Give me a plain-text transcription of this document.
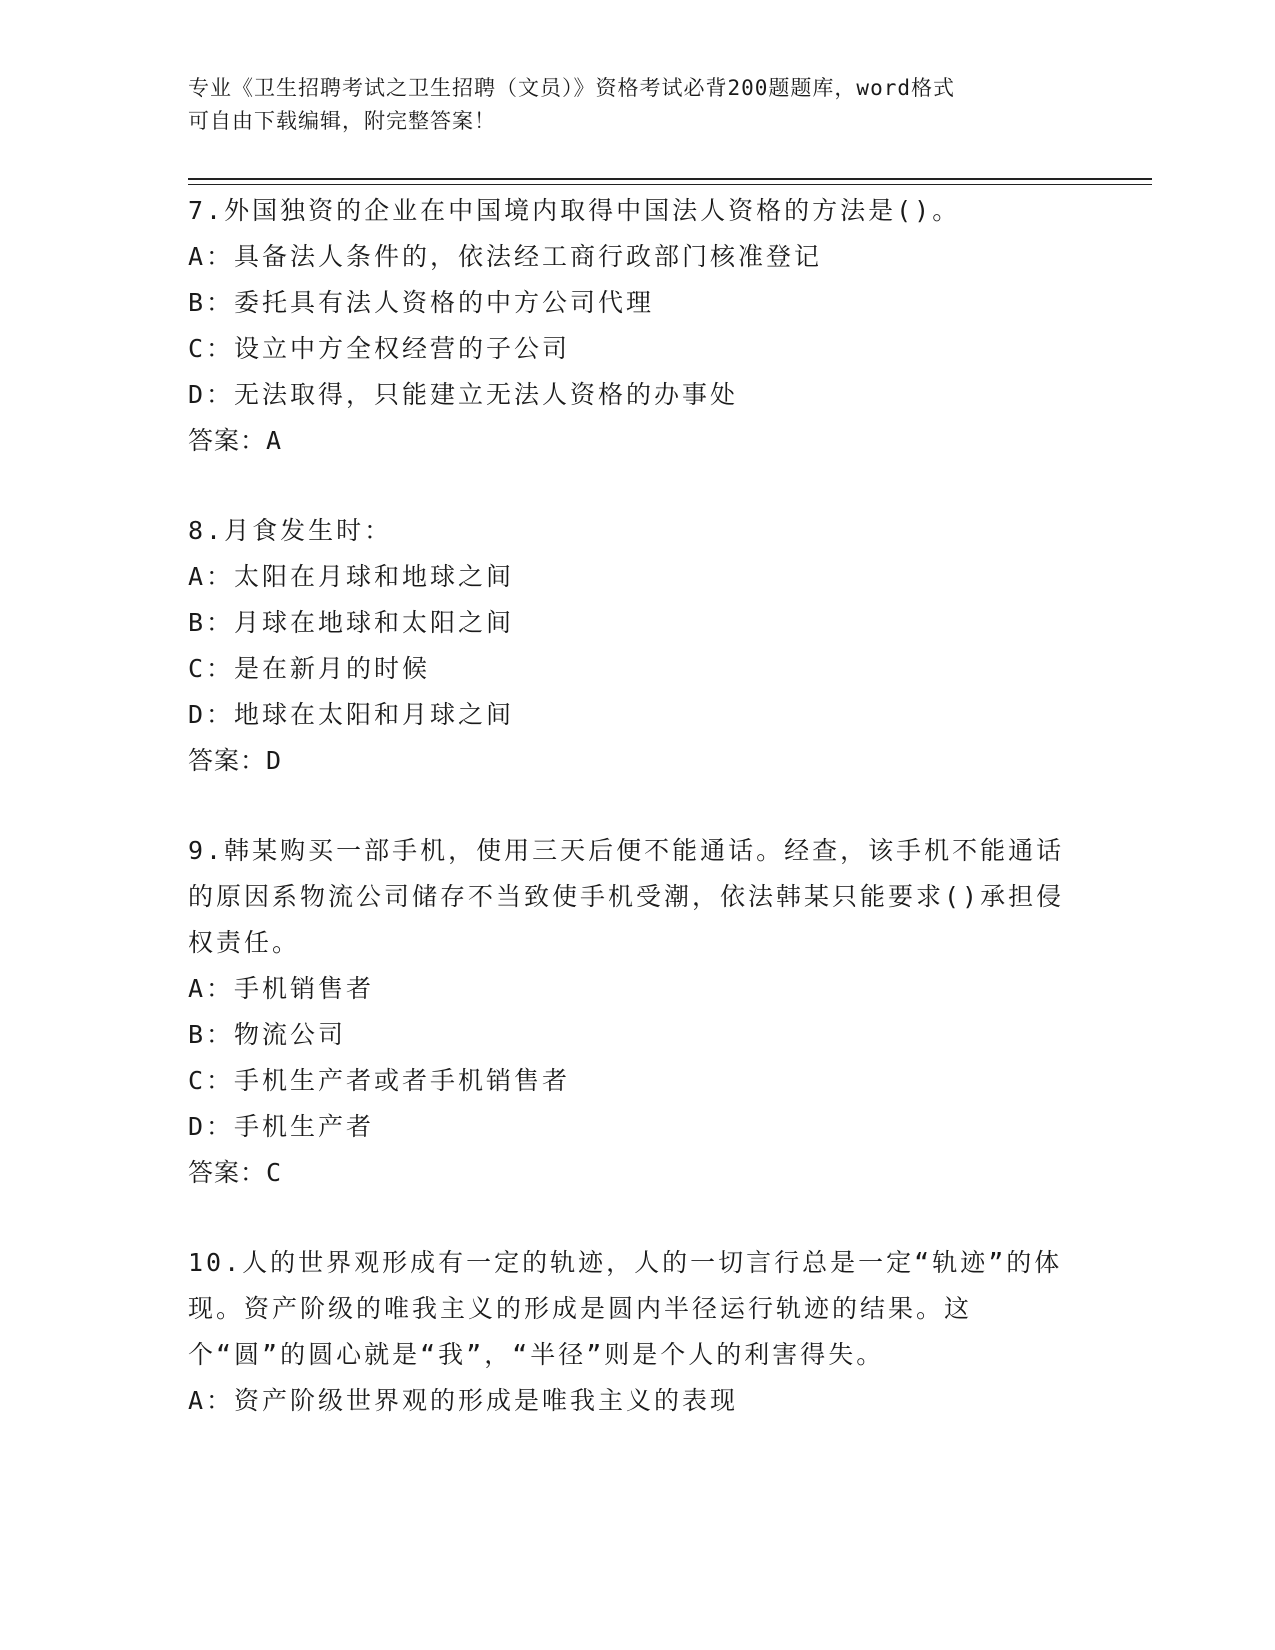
专业《卫生招聘考试之卫生招聘（文员）》资格考试必背200题题库，word格式
可自由下载编辑，附完整答案！
7.外国独资的企业在中国境内取得中国法人资格的方法是()。
A：具备法人条件的，依法经工商行政部门核准登记
B：委托具有法人资格的中方公司代理
C：设立中方全权经营的子公司
D：无法取得，只能建立无法人资格的办事处
答案：A
8.月食发生时：
A：太阳在月球和地球之间
B：月球在地球和太阳之间
C：是在新月的时候
D：地球在太阳和月球之间
答案：D
9.韩某购买一部手机，使用三天后便不能通话。经查，该手机不能通话的原因系物流公司储存不当致使手机受潮，依法韩某只能要求()承担侵权责任。
A：手机销售者
B：物流公司
C：手机生产者或者手机销售者
D：手机生产者
答案：C
10.人的世界观形成有一定的轨迹，人的一切言行总是一定“轨迹”的体现。资产阶级的唯我主义的形成是圆内半径运行轨迹的结果。这个“圆”的圆心就是“我”，“半径”则是个人的利害得失。
A：资产阶级世界观的形成是唯我主义的表现
